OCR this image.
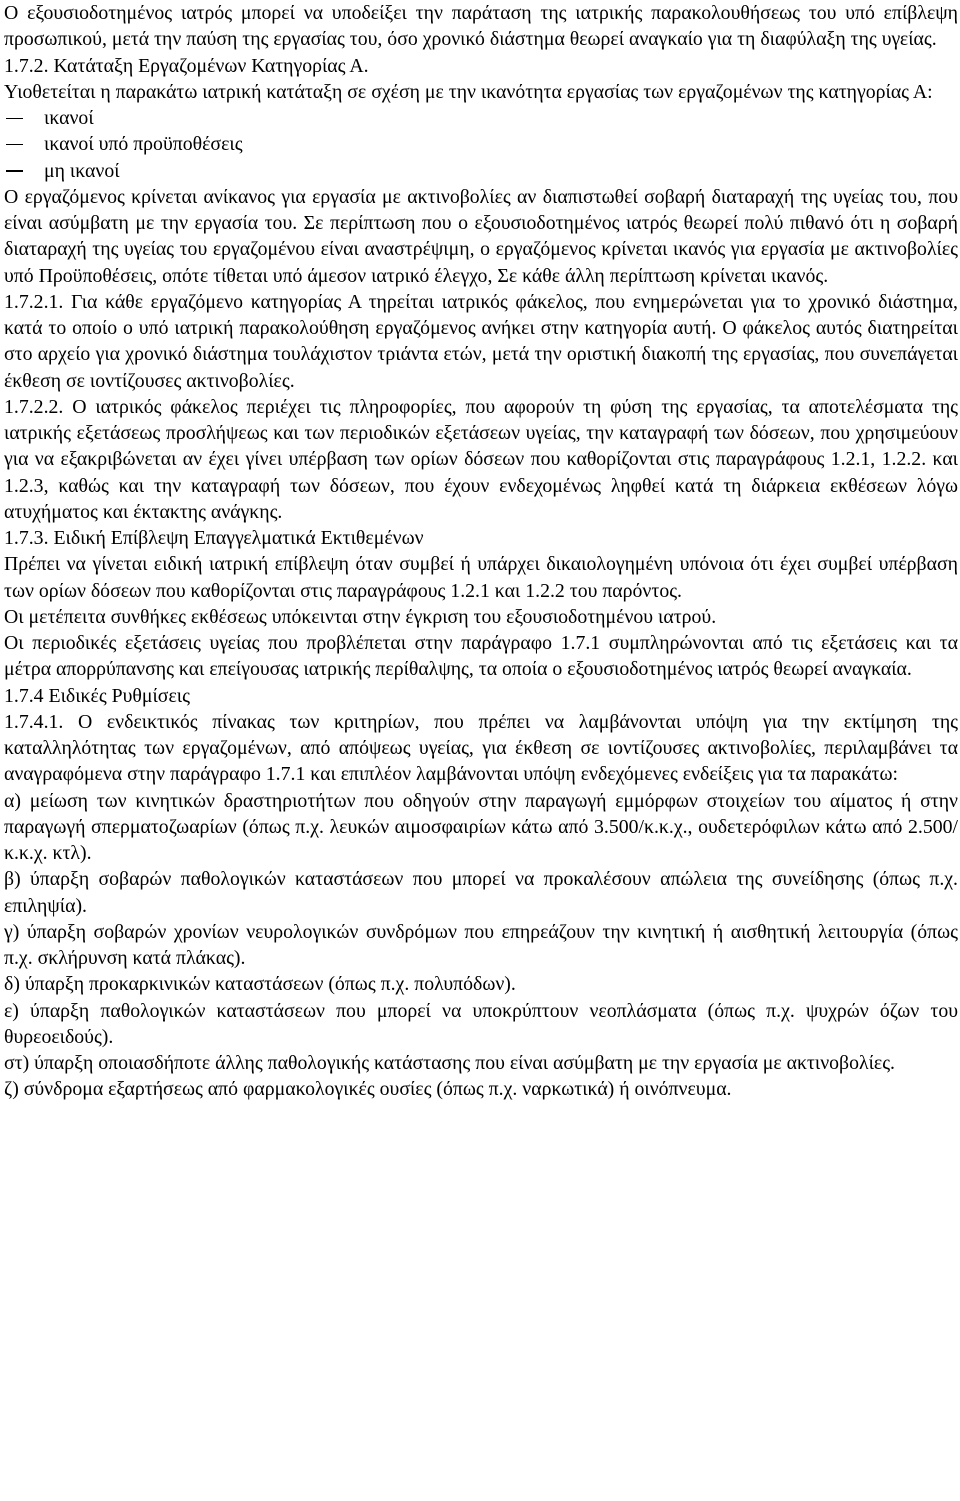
Ο εξουσιοδοτημένος ιατρός μπορεί να υποδείξει την παράταση της ιατρικής παρακολουθήσεως του υπό επίβλεψη προσωπικού, μετά την παύση της εργασίας του, όσο χρονικό διάστημα θεωρεί αναγκαίο για τη διαφύλαξη της υγείας.

1.7.2. Κατάταξη Εργαζομένων Κατηγορίας Α.

Υιοθετείται η παρακάτω ιατρική κατάταξη σε σχέση με την ικανότητα εργασίας των εργαζομένων της κατηγορίας Α:

ικανοί
ικανοί υπό προϋποθέσεις
μη ικανοί

Ο εργαζόμενος κρίνεται ανίκανος για εργασία με ακτινοβολίες αν διαπιστωθεί σοβαρή διαταραχή της υγείας του, που είναι ασύμβατη με την εργασία του. Σε περίπτωση που ο εξουσιοδοτημένος ιατρός θεωρεί πολύ πιθανό ότι η σοβαρή διαταραχή της υγείας του εργαζομένου είναι αναστρέψιμη, ο εργαζόμενος κρίνεται ικανός για εργασία με ακτινοβολίες υπό Προϋποθέσεις, οπότε τίθεται υπό άμεσον ιατρικό έλεγχο, Σε κάθε άλλη περίπτωση κρίνεται ικανός.

1.7.2.1. Για κάθε εργαζόμενο κατηγορίας Α τηρείται ιατρικός φάκελος, που ενημερώνεται για το χρονικό διάστημα, κατά το οποίο ο υπό ιατρική παρακολούθηση εργαζόμενος ανήκει στην κατηγορία αυτή. Ο φάκελος αυτός διατηρείται στο αρχείο για χρονικό διάστημα τουλάχιστον τριάντα ετών, μετά την οριστική διακοπή της εργασίας, που συνεπάγεται έκθεση σε ιοντίζουσες ακτινοβολίες.

1.7.2.2. Ο ιατρικός φάκελος περιέχει τις πληροφορίες, που αφορούν τη φύση της εργασίας, τα αποτελέσματα της ιατρικής εξετάσεως προσλήψεως και των περιοδικών εξετάσεων υγείας, την καταγραφή των δόσεων, που χρησιμεύουν για να εξακριβώνεται αν έχει γίνει υπέρβαση των ορίων δόσεων που καθορίζονται στις παραγράφους 1.2.1, 1.2.2. και 1.2.3, καθώς και την καταγραφή των δόσεων, που έχουν ενδεχομένως ληφθεί κατά τη διάρκεια εκθέσεων λόγω ατυχήματος και έκτακτης ανάγκης.

1.7.3. Ειδική Επίβλεψη Επαγγελματικά Εκτιθεμένων

Πρέπει να γίνεται ειδική ιατρική επίβλεψη όταν συμβεί ή υπάρχει δικαιολογημένη υπόνοια ότι έχει συμβεί υπέρβαση των ορίων δόσεων που καθορίζονται στις παραγράφους 1.2.1 και 1.2.2 του παρόντος.

Οι μετέπειτα συνθήκες εκθέσεως υπόκεινται στην έγκριση του εξουσιοδοτημένου ιατρού.

Οι περιοδικές εξετάσεις υγείας που προβλέπεται στην παράγραφο 1.7.1 συμπληρώνονται από τις εξετάσεις και τα μέτρα απορρύπανσης και επείγουσας ιατρικής περίθαλψης, τα οποία ο εξουσιοδοτημένος ιατρός θεωρεί αναγκαία.

1.7.4 Ειδικές Ρυθμίσεις

1.7.4.1. Ο ενδεικτικός πίνακας των κριτηρίων, που πρέπει να λαμβάνονται υπόψη για την εκτίμηση της καταλληλότητας των εργαζομένων, από απόψεως υγείας, για έκθεση σε ιοντίζουσες ακτινοβολίες, περιλαμβάνει τα αναγραφόμενα στην παράγραφο 1.7.1 και επιπλέον λαμβάνονται υπόψη ενδεχόμενες ενδείξεις για τα παρακάτω:

α) μείωση των κινητικών δραστηριοτήτων που οδηγούν στην παραγωγή εμμόρφων στοιχείων του αίματος ή στην παραγωγή σπερματοζωαρίων (όπως π.χ. λευκών αιμοσφαιρίων κάτω από 3.500/κ.κ.χ., ουδετερόφιλων κάτω από 2.500/κ.κ.χ. κτλ).

β) ύπαρξη σοβαρών παθολογικών καταστάσεων που μπορεί να προκαλέσουν απώλεια της συνείδησης (όπως π.χ. επιληψία).

γ) ύπαρξη σοβαρών χρονίων νευρολογικών συνδρόμων που επηρεάζουν την κινητική ή αισθητική λειτουργία (όπως π.χ. σκλήρυνση κατά πλάκας).

δ) ύπαρξη προκαρκινικών καταστάσεων (όπως π.χ. πολυπόδων).

ε) ύπαρξη παθολογικών καταστάσεων που μπορεί να υποκρύπτουν νεοπλάσματα (όπως π.χ. ψυχρών όζων του θυρεοειδούς).

στ) ύπαρξη οποιασδήποτε άλλης παθολογικής κατάστασης που είναι ασύμβατη με την εργασία με ακτινοβολίες.

ζ) σύνδρομα εξαρτήσεως από φαρμακολογικές ουσίες (όπως π.χ. ναρκωτικά) ή οινόπνευμα.
